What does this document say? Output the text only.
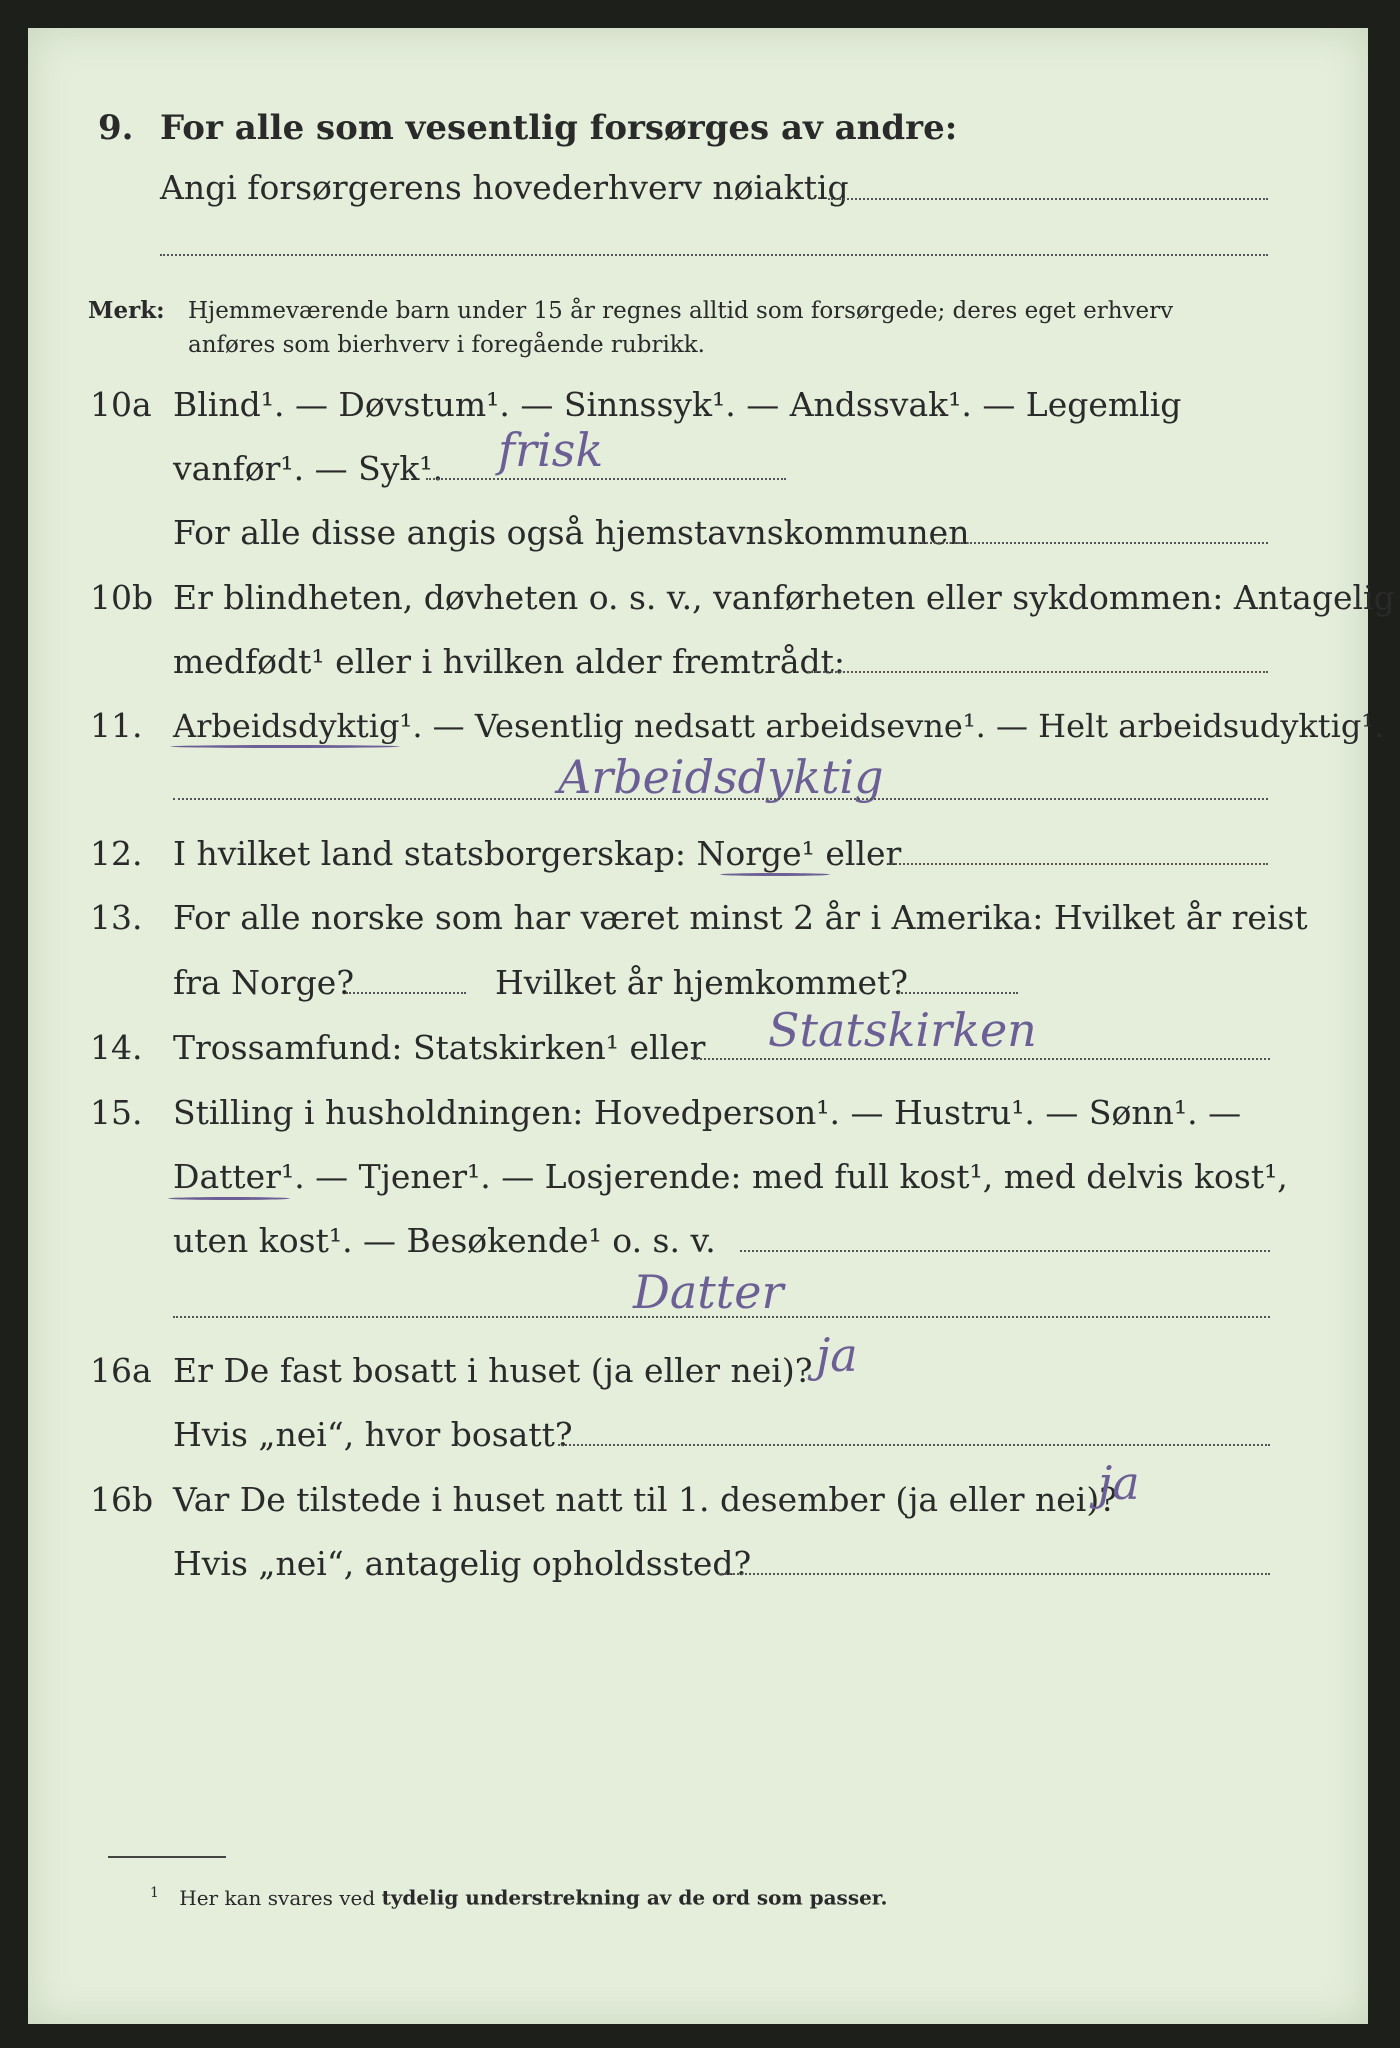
9. For alle som vesentlig forsørges av andre:
Angi forsørgerens hovederhverv nøiaktig
Merk: Hjemmeværende barn under 15 år regnes alltid som forsørgede; deres eget erhverv
anføres som bierhverv i foregående rubrikk.
10a Blind¹. — Døvstum¹. — Sinnssyk¹. — Andssvak¹. — Legemlig
vanfør¹. — Syk¹. frisk
For alle disse angis også hjemstavnskommunen
10b Er blindheten, døvheten o. s. v., vanførheten eller sykdommen: Antagelig
medfødt¹ eller i hvilken alder fremtrådt:
11. Arbeidsdyktig¹. — Vesentlig nedsatt arbeidsevne¹. — Helt arbeidsudyktig¹.
Arbeidsdyktig
12. I hvilket land statsborgerskap: Norge¹ eller
13. For alle norske som har været minst 2 år i Amerika: Hvilket år reist
fra Norge?	Hvilket år hjemkommet?
14. Trossamfund: Statskirken¹ eller Statskirken
15. Stilling i husholdningen: Hovedperson¹. — Hustru¹. — Sønn¹. —
Datter¹. — Tjener¹. — Losjerende: med full kost¹, med delvis kost¹,
uten kost¹. — Besøkende¹ o. s. v.
Datter
16a Er De fast bosatt i huset (ja eller nei)? ja
Hvis „nei“, hvor bosatt?
16b Var De tilstede i huset natt til 1. desember (ja eller nei)?
ja
Hvis „nei“, antagelig opholdssted?
$^1$ Her kan svares ved tydelig understrekning av de ord som passer.
